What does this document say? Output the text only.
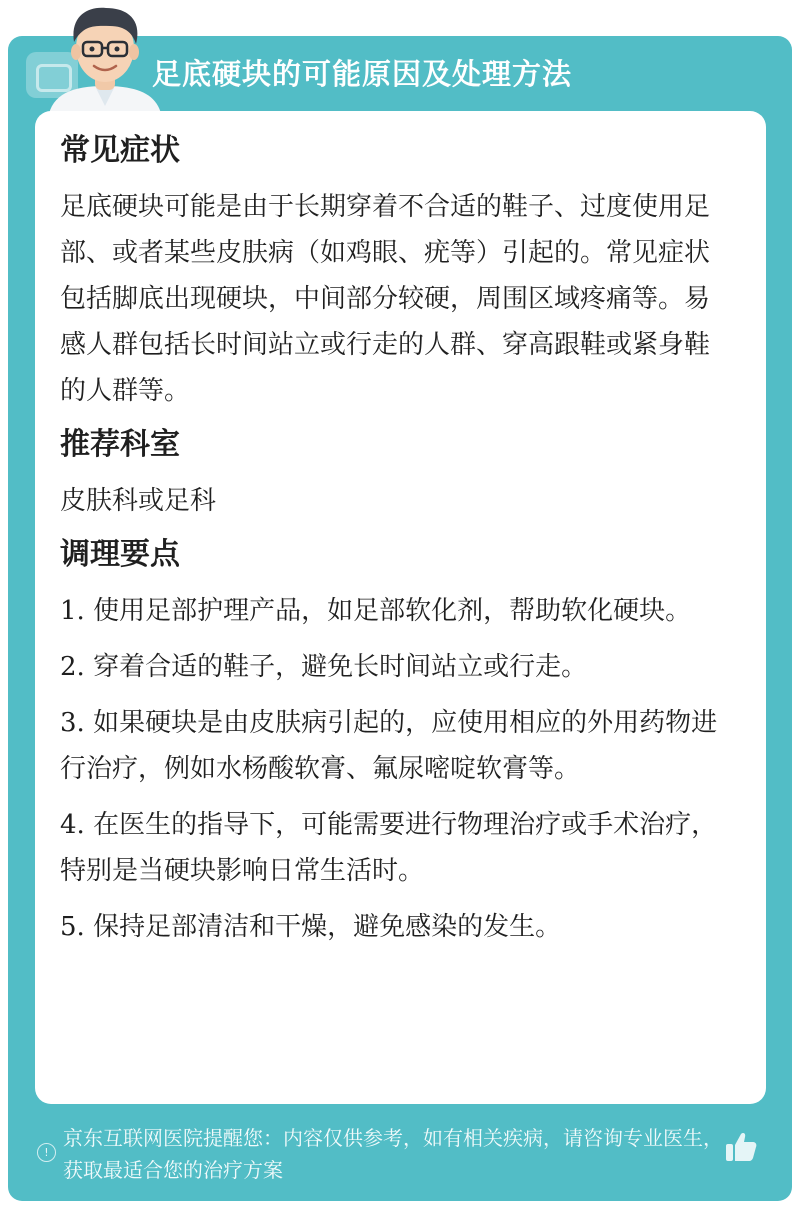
足底硬块的可能原因及处理方法
常见症状

足底硬块可能是由于长期穿着不合适的鞋子、过度使用足部、或者某些皮肤病（如鸡眼、疣等）引起的。常见症状包括脚底出现硬块，中间部分较硬，周围区域疼痛等。易感人群包括长时间站立或行走的人群、穿高跟鞋或紧身鞋的人群等。

推荐科室

皮肤科或足科

调理要点

1. 使用足部护理产品，如足部软化剂，帮助软化硬块。

2. 穿着合适的鞋子，避免长时间站立或行走。

3. 如果硬块是由皮肤病引起的，应使用相应的外用药物进行治疗，例如水杨酸软膏、氟尿嘧啶软膏等。

4. 在医生的指导下，可能需要进行物理治疗或手术治疗，特别是当硬块影响日常生活时。

5. 保持足部清洁和干燥，避免感染的发生。

!
京东互联网医院提醒您：内容仅供参考，如有相关疾病，请咨询专业医生，获取最适合您的治疗方案
